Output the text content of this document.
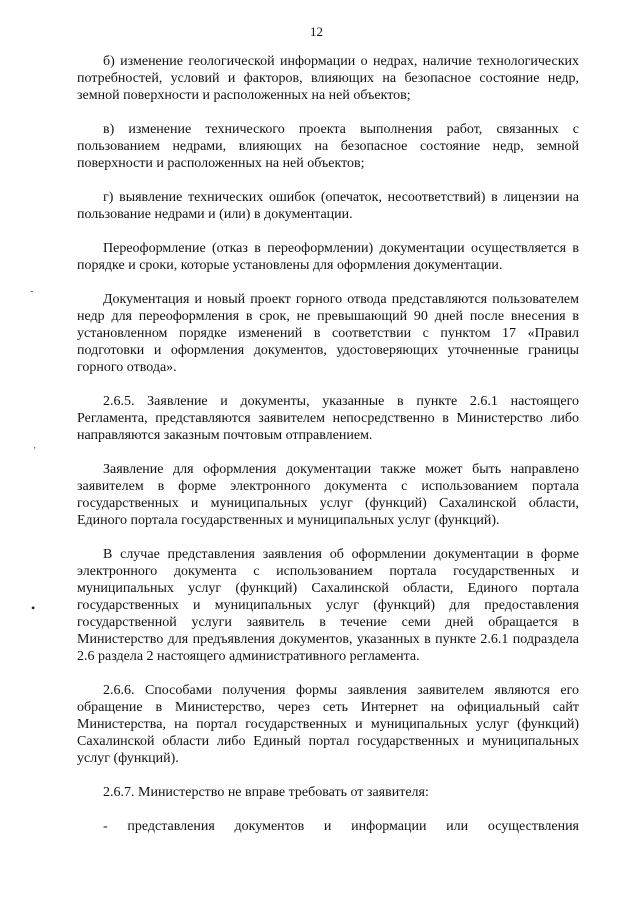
12

б) изменение геологической информации о недрах, наличие технологических потребностей, условий и факторов, влияющих на безопасное состояние недр, земной поверхности и расположенных на ней объектов;

в) изменение технического проекта выполнения работ, связанных с пользованием недрами, влияющих на безопасное состояние недр, земной поверхности и расположенных на ней объектов;

г) выявление технических ошибок (опечаток, несоответствий) в лицензии на пользование недрами и (или) в документации.

Переоформление (отказ в переоформлении) документации осуществляется в порядке и сроки, которые установлены для оформления документации.

Документация и новый проект горного отвода представляются пользователем недр для переоформления в срок, не превышающий 90 дней после внесения в установленном порядке изменений в соответствии с пунктом 17 «Правил подготовки и оформления документов, удостоверяющих уточненные границы горного отвода».

2.6.5. Заявление и документы, указанные в пункте 2.6.1 настоящего Регламента, представляются заявителем непосредственно в Министерство либо направляются заказным почтовым отправлением.

Заявление для оформления документации также может быть направлено заявителем в форме электронного документа с использованием портала государственных и муниципальных услуг (функций) Сахалинской области, Единого портала государственных и муниципальных услуг (функций).

В случае представления заявления об оформлении документации в форме электронного документа с использованием портала государственных и муниципальных услуг (функций) Сахалинской области, Единого портала государственных и муниципальных услуг (функций) для предоставления государственной услуги заявитель в течение семи дней обращается в Министерство для предъявления документов, указанных в пункте 2.6.1 подраздела 2.6 раздела 2 настоящего административного регламента.

2.6.6. Способами получения формы заявления заявителем являются его обращение в Министерство, через сеть Интернет на официальный сайт Министерства, на портал государственных и муниципальных услуг (функций) Сахалинской области либо Единый портал государственных и муниципальных услуг (функций).

2.6.7. Министерство не вправе требовать от заявителя:

- представления документов и информации или осуществления

‐
’
•
